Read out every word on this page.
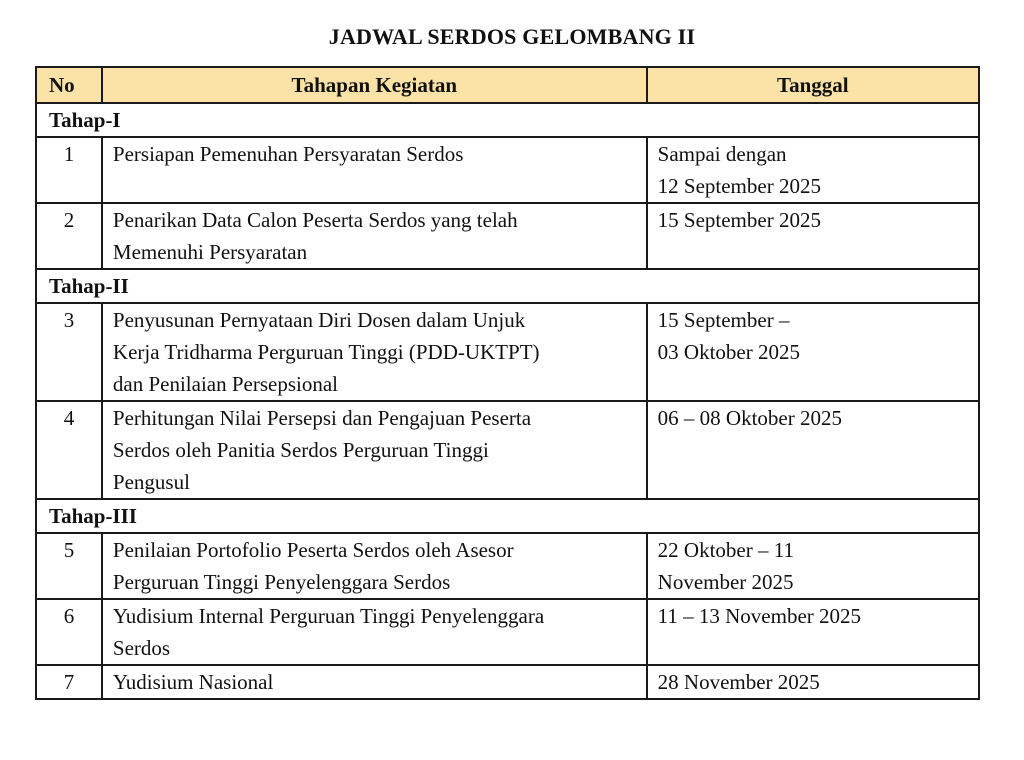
JADWAL SERDOS GELOMBANG II
No	Tahapan Kegiatan	Tanggal
Tahap-I		
1	Persiapan Pemenuhan Persyaratan Serdos	Sampai dengan
12 September 2025

2	Penarikan Data Calon Peserta Serdos yang telah
Memenuhi Persyaratan	15 September 2025

Tahap-II		
3	Penyusunan Pernyataan Diri Dosen dalam Unjuk
Kerja Tridharma Perguruan Tinggi (PDD-UKTPT)
dan Penilaian Persepsional	15 September –
03 Oktober 2025

4	Perhitungan Nilai Persepsi dan Pengajuan Peserta
Serdos oleh Panitia Serdos Perguruan Tinggi
Pengusul	06 – 08 Oktober 2025

Tahap-III		
5	Penilaian Portofolio Peserta Serdos oleh Asesor
Perguruan Tinggi Penyelenggara Serdos	22 Oktober – 11
November 2025

6	Yudisium Internal Perguruan Tinggi Penyelenggara
Serdos	11 – 13 November 2025

7	Yudisium Nasional	28 November 2025
